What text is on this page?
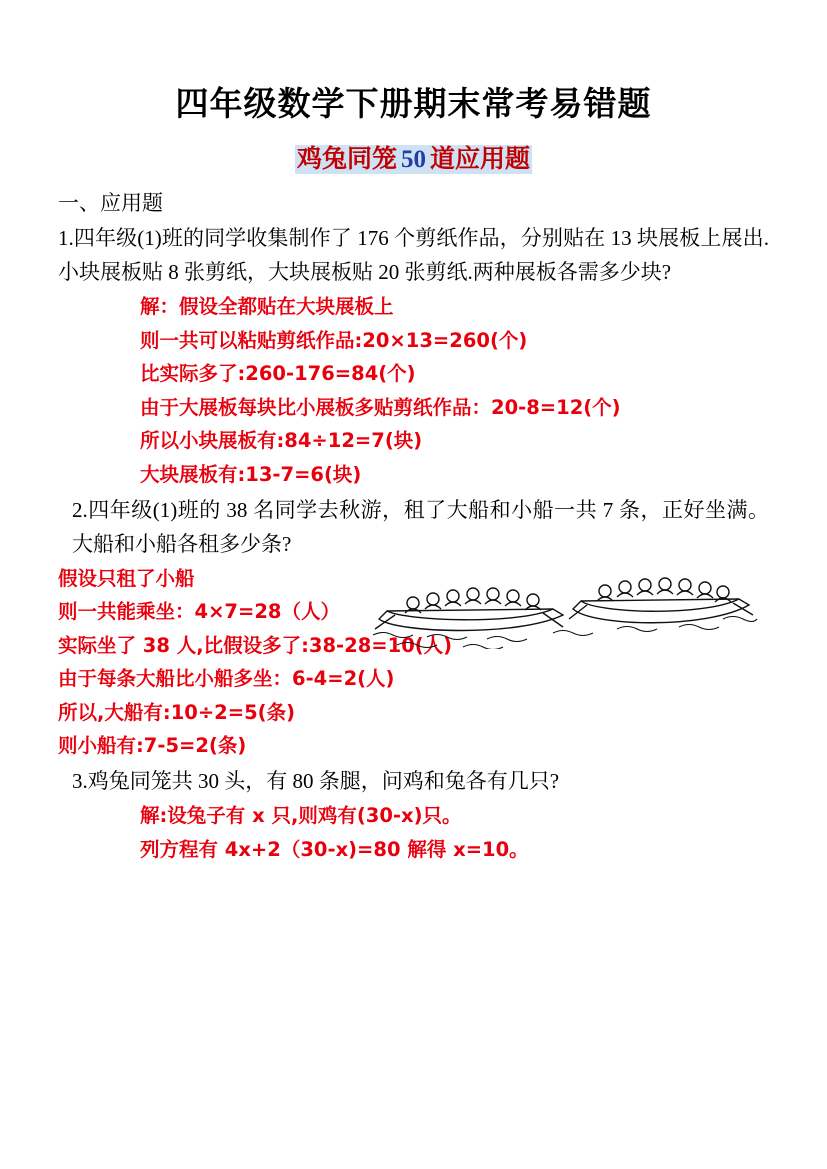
四年级数学下册期末常考易错题
鸡兔同笼 50 道应用题
一、应用题
1.四年级(1)班的同学收集制作了 176 个剪纸作品，分别贴在 13 块展板上展出.小块展板贴 8 张剪纸，大块展板贴 20 张剪纸.两种展板各需多少块?
解：假设全都贴在大块展板上
则一共可以粘贴剪纸作品:20×13=260(个)
比实际多了:260-176=84(个)
由于大展板每块比小展板多贴剪纸作品：20-8=12(个)
所以小块展板有:84÷12=7(块)
大块展板有:13-7=6(块)
2.四年级(1)班的 38 名同学去秋游，租了大船和小船一共 7 条，正好坐满。大船和小船各租多少条?
假设只租了小船
则一共能乘坐：4×7=28（人）
实际坐了 38 人,比假设多了:38-28=10(人)
由于每条大船比小船多坐：6-4=2(人)
所以,大船有:10÷2=5(条)
则小船有:7-5=2(条)
3.鸡兔同笼共 30 头，有 80 条腿，问鸡和兔各有几只?
解:设兔子有 x 只,则鸡有(30-x)只。
列方程有 4x+2（30-x)=80 解得 x=10。
